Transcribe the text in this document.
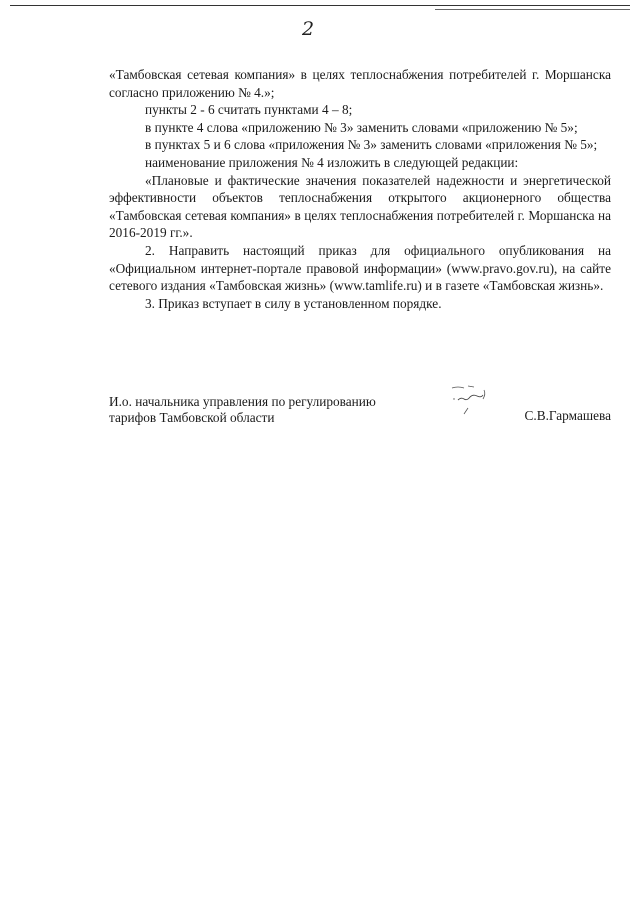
2

«Тамбовская сетевая компания» в целях теплоснабжения потребителей г. Моршанска согласно приложению № 4.»;

пункты 2 - 6 считать пунктами 4 – 8;

в пункте 4 слова «приложению № 3» заменить словами «приложению № 5»;

в пунктах 5 и 6 слова «приложения № 3» заменить словами «приложения № 5»;

наименование приложения № 4 изложить в следующей редакции:

«Плановые и фактические значения показателей надежности и энергетической эффективности объектов теплоснабжения открытого акционерного общества «Тамбовская сетевая компания» в целях теплоснабжения потребителей г. Моршанска на 2016-2019 гг.».

2. Направить настоящий приказ для официального опубликования на «Официальном интернет-портале правовой информации» (www.pravo.gov.ru), на сайте сетевого издания «Тамбовская жизнь» (www.tamlife.ru) и в газете «Тамбовская жизнь».

3. Приказ вступает в силу в установленном порядке.

И.о. начальника управления по регулированию
тарифов Тамбовской области	С.В.Гармашева
